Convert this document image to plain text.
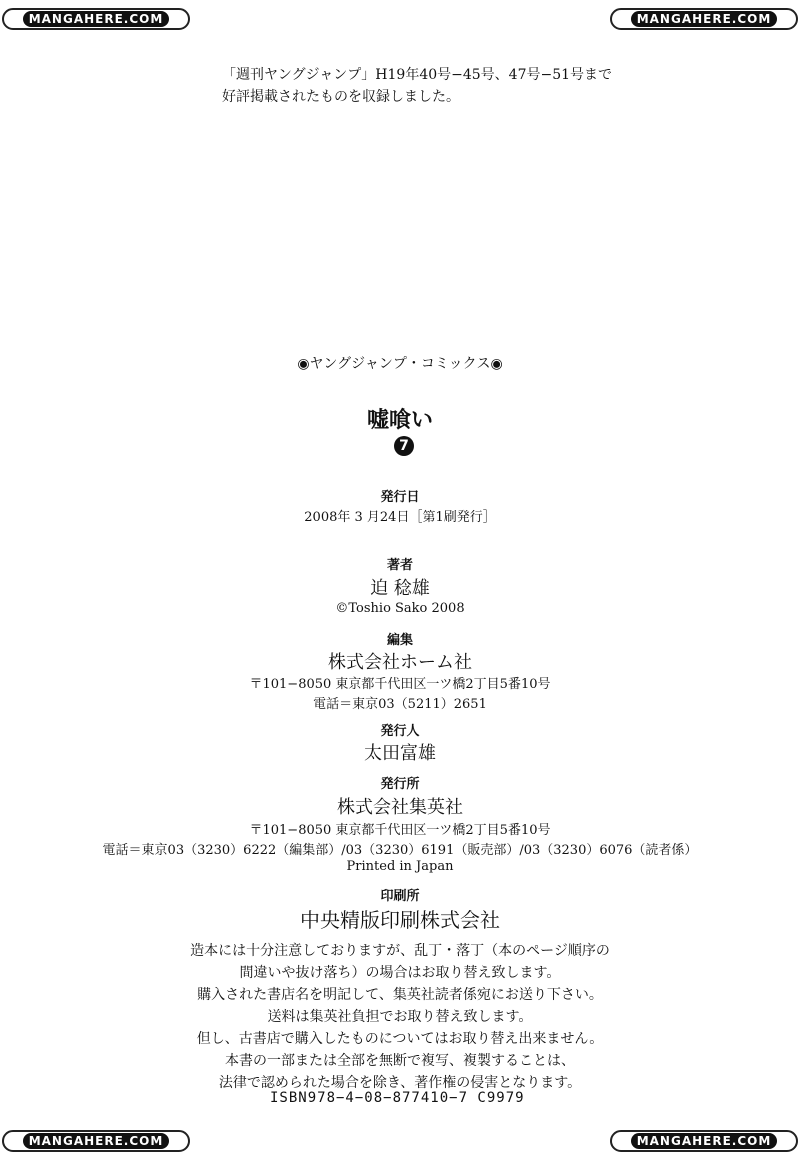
MANGAHERE.COM	MANGAHERE.COM
MANGAHERE.COM	MANGAHERE.COM
「週刊ヤングジャンプ」H19年40号−45号、47号−51号まで
好評掲載されたものを収録しました。
◉ヤングジャンプ・コミックス◉
嘘喰い
7
発行日
2008年 3 月24日［第1刷発行］
著者
迫 稔雄
©Toshio Sako 2008
編集
株式会社ホーム社
〒101−8050 東京都千代田区一ツ橋2丁目5番10号
電話＝東京03（5211）2651
発行人
太田富雄
発行所
株式会社集英社
〒101−8050 東京都千代田区一ツ橋2丁目5番10号
電話＝東京03（3230）6222（編集部）/03（3230）6191（販売部）/03（3230）6076（読者係）
Printed in Japan
印刷所
中央精版印刷株式会社
造本には十分注意しておりますが、乱丁・落丁（本のページ順序の
間違いや抜け落ち）の場合はお取り替え致します。
購入された書店名を明記して、集英社読者係宛にお送り下さい。
送料は集英社負担でお取り替え致します。
但し、古書店で購入したものについてはお取り替え出来ません。
本書の一部または全部を無断で複写、複製することは、
法律で認められた場合を除き、著作権の侵害となります。
ISBN978−4−08−877410−7 C9979
